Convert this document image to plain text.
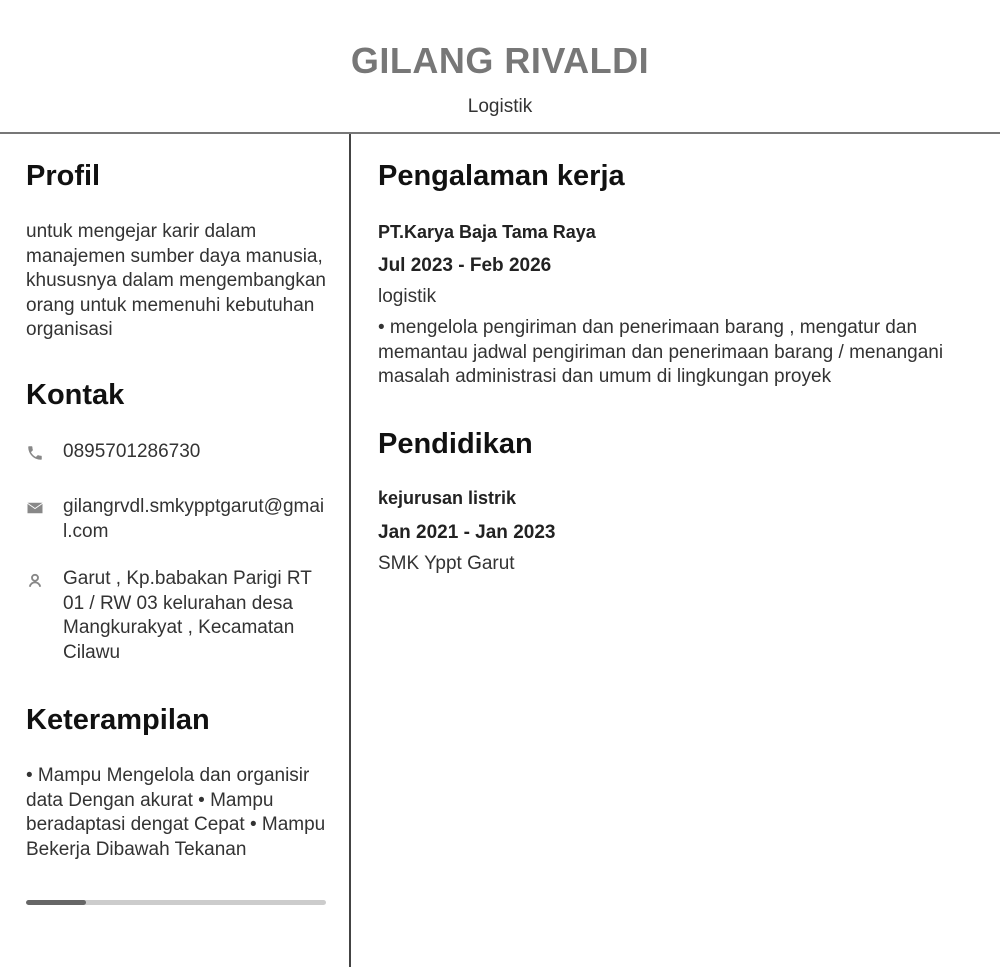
GILANG RIVALDI
Logistik
Profil
untuk mengejar karir dalam manajemen sumber daya manusia, khususnya dalam mengembangkan orang untuk memenuhi kebutuhan organisasi
Kontak
0895701286730
gilangrvdl.smkypptgarut@gmail.com
Garut , Kp.babakan Parigi RT 01 / RW 03 kelurahan desa Mangkurakyat , Kecamatan Cilawu
Keterampilan
• Mampu Mengelola dan organisir data Dengan akurat • Mampu beradaptasi dengat Cepat • Mampu Bekerja Dibawah Tekanan
Pengalaman kerja
PT.Karya Baja Tama Raya
Jul 2023 - Feb 2026
logistik
• mengelola pengiriman dan penerimaan barang , mengatur dan memantau jadwal pengiriman dan penerimaan barang / menangani masalah administrasi dan umum di lingkungan proyek
Pendidikan
kejurusan listrik
Jan 2021 - Jan 2023
SMK Yppt Garut
